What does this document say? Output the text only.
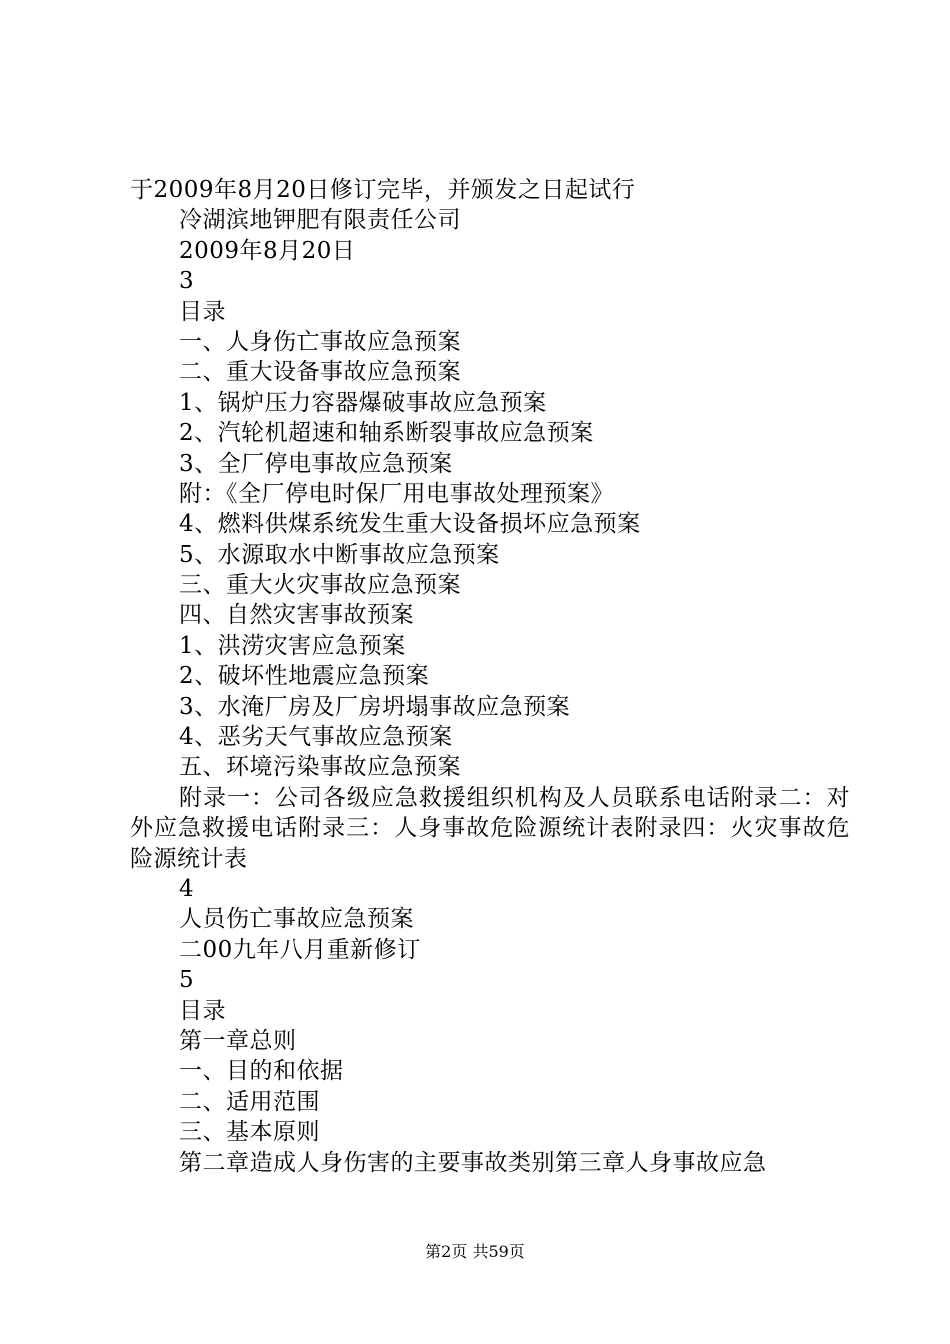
于2009年8月20日修订完毕，并颁发之日起试行
冷湖滨地钾肥有限责任公司
2009年8月20日
3
目录
一、人身伤亡事故应急预案
二、重大设备事故应急预案
1、锅炉压力容器爆破事故应急预案
2、汽轮机超速和轴系断裂事故应急预案
3、全厂停电事故应急预案
附：《全厂停电时保厂用电事故处理预案》
4、燃料供煤系统发生重大设备损坏应急预案
5、水源取水中断事故应急预案
三、重大火灾事故应急预案
四、自然灾害事故预案
1、洪涝灾害应急预案
2、破坏性地震应急预案
3、水淹厂房及厂房坍塌事故应急预案
4、恶劣天气事故应急预案
五、环境污染事故应急预案
附录一：公司各级应急救援组织机构及人员联系电话附录二：对外应急救援电话附录三：人身事故危险源统计表附录四：火灾事故危险源统计表
4
人员伤亡事故应急预案
二00九年八月重新修订
5
目录
第一章总则
一、目的和依据
二、适用范围
三、基本原则
第二章造成人身伤害的主要事故类别第三章人身事故应急
第2页 共59页
